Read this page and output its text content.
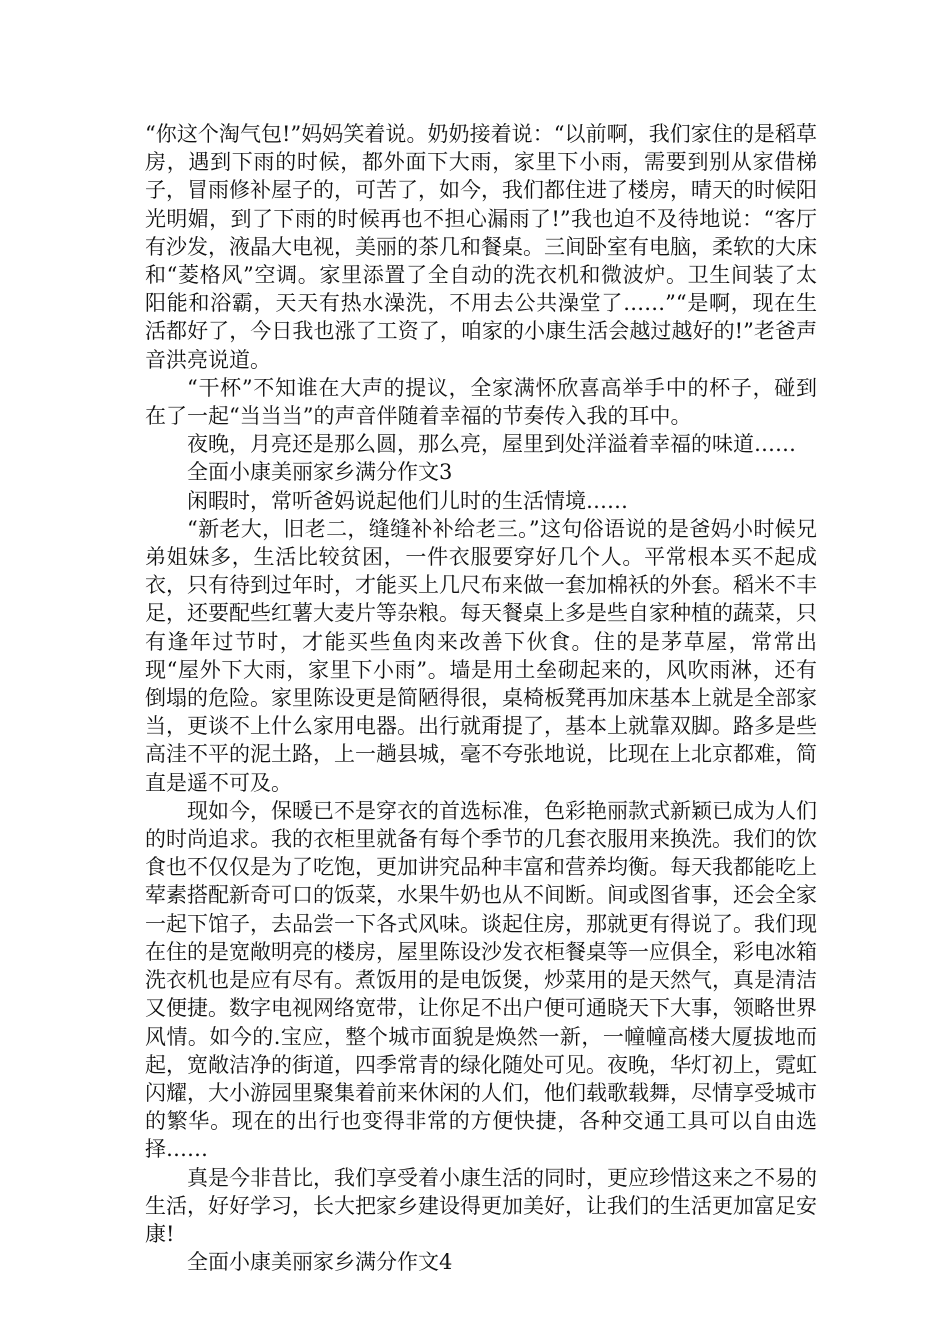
“你这个淘气包!”妈妈笑着说。奶奶接着说：“以前啊，我们家住的是稻草房，遇到下雨的时候，都外面下大雨，家里下小雨，需要到别从家借梯子，冒雨修补屋子的，可苦了，如今，我们都住进了楼房，晴天的时候阳光明媚，到了下雨的时候再也不担心漏雨了!”我也迫不及待地说：“客厅有沙发，液晶大电视，美丽的茶几和餐桌。三间卧室有电脑，柔软的大床和“菱格风”空调。家里添置了全自动的洗衣机和微波炉。卫生间装了太阳能和浴霸，天天有热水澡洗，不用去公共澡堂了……”“是啊，现在生活都好了，今日我也涨了工资了，咱家的小康生活会越过越好的!”老爸声音洪亮说道。

“干杯”不知谁在大声的提议，全家满怀欣喜高举手中的杯子，碰到在了一起“当当当”的声音伴随着幸福的节奏传入我的耳中。

夜晚，月亮还是那么圆，那么亮，屋里到处洋溢着幸福的味道……

全面小康美丽家乡满分作文3

闲暇时，常听爸妈说起他们儿时的生活情境……

“新老大，旧老二，缝缝补补给老三。”这句俗语说的是爸妈小时候兄弟姐妹多，生活比较贫困，一件衣服要穿好几个人。平常根本买不起成衣，只有待到过年时，才能买上几尺布来做一套加棉袄的外套。稻米不丰足，还要配些红薯大麦片等杂粮。每天餐桌上多是些自家种植的蔬菜，只有逢年过节时，才能买些鱼肉来改善下伙食。住的是茅草屋，常常出现“屋外下大雨，家里下小雨”。墙是用土垒砌起来的，风吹雨淋，还有倒塌的危险。家里陈设更是简陋得很，桌椅板凳再加床基本上就是全部家当，更谈不上什么家用电器。出行就甭提了，基本上就靠双脚。路多是些高洼不平的泥土路，上一趟县城，毫不夸张地说，比现在上北京都难，简直是遥不可及。

现如今，保暖已不是穿衣的首选标准，色彩艳丽款式新颖已成为人们的时尚追求。我的衣柜里就备有每个季节的几套衣服用来换洗。我们的饮食也不仅仅是为了吃饱，更加讲究品种丰富和营养均衡。每天我都能吃上荤素搭配新奇可口的饭菜，水果牛奶也从不间断。间或图省事，还会全家一起下馆子，去品尝一下各式风味。谈起住房，那就更有得说了。我们现在住的是宽敞明亮的楼房，屋里陈设沙发衣柜餐桌等一应俱全，彩电冰箱洗衣机也是应有尽有。煮饭用的是电饭煲，炒菜用的是天然气，真是清洁又便捷。数字电视网络宽带，让你足不出户便可通晓天下大事，领略世界风情。如今的.宝应，整个城市面貌是焕然一新，一幢幢高楼大厦拔地而起，宽敞洁净的街道，四季常青的绿化随处可见。夜晚，华灯初上，霓虹闪耀，大小游园里聚集着前来休闲的人们，他们载歌载舞，尽情享受城市的繁华。现在的出行也变得非常的方便快捷，各种交通工具可以自由选择……

真是今非昔比，我们享受着小康生活的同时，更应珍惜这来之不易的生活，好好学习，长大把家乡建设得更加美好，让我们的生活更加富足安康!

全面小康美丽家乡满分作文4
